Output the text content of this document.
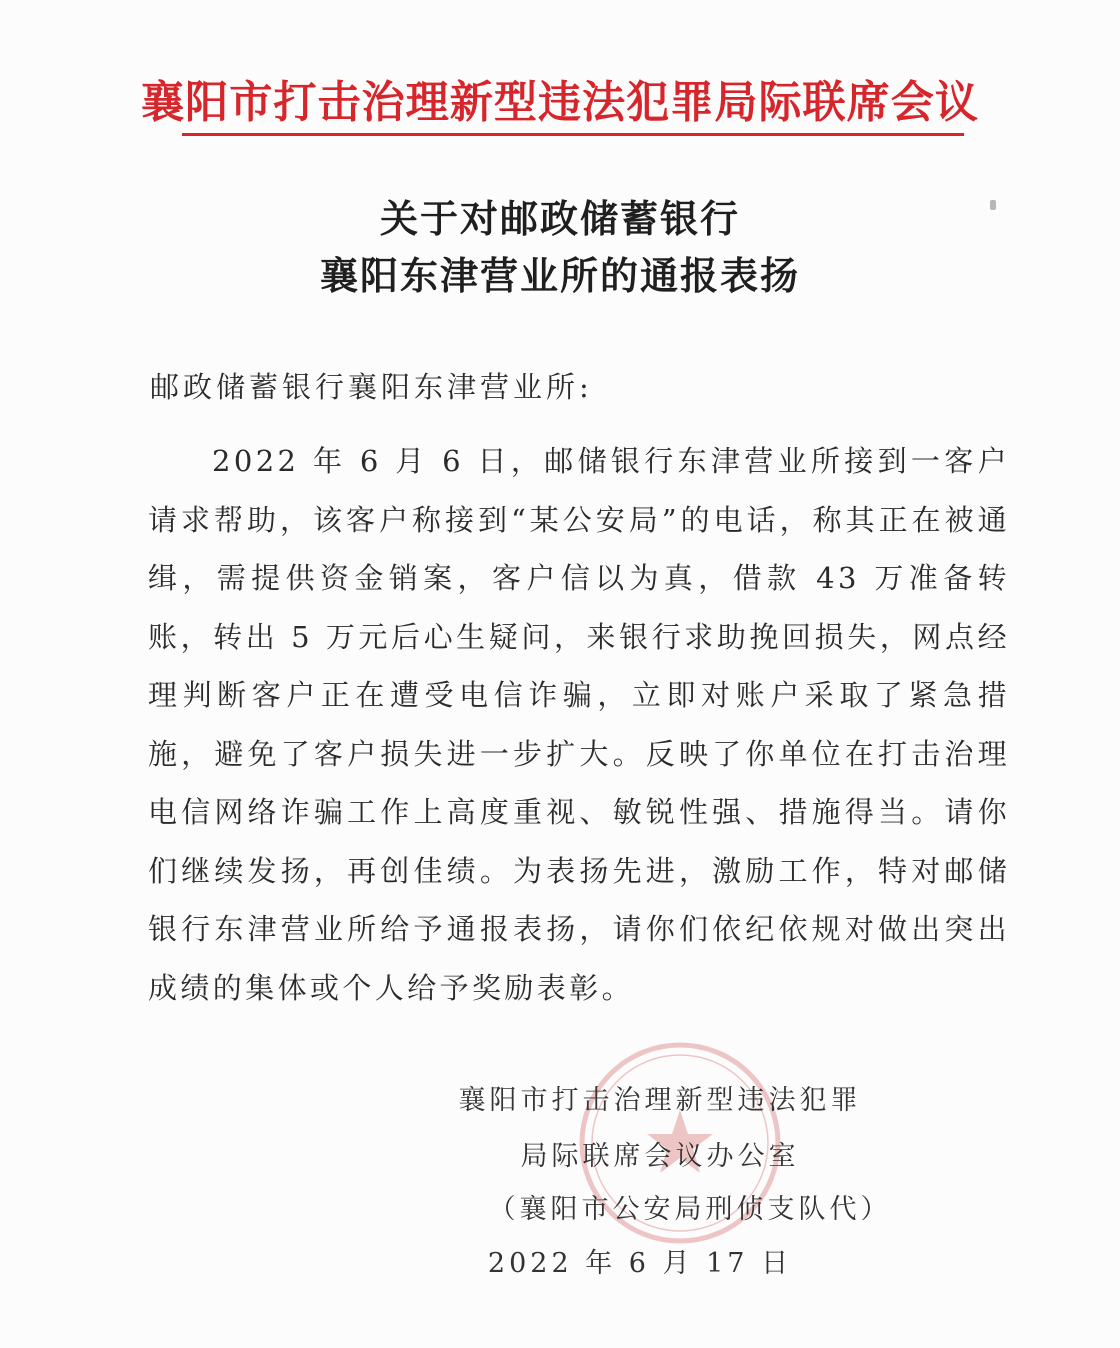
襄阳市打击治理新型违法犯罪局际联席会议
关于对邮政储蓄银行
襄阳东津营业所的通报表扬
邮政储蓄银行襄阳东津营业所:

2022 年 6 月 6 日，邮储银行东津营业所接到一客户请求帮助，该客户称接到“某公安局”的电话，称其正在被通缉，需提供资金销案，客户信以为真，借款 43 万准备转账，转出 5 万元后心生疑问，来银行求助挽回损失，网点经理判断客户正在遭受电信诈骗，立即对账户采取了紧急措施，避免了客户损失进一步扩大。反映了你单位在打击治理电信网络诈骗工作上高度重视、敏锐性强、措施得当。请你们继续发扬，再创佳绩。为表扬先进，激励工作，特对邮储银行东津营业所给予通报表扬，请你们依纪依规对做出突出成绩的集体或个人给予奖励表彰。

襄阳市打击治理新型违法犯罪
局际联席会议办公室
（襄阳市公安局刑侦支队代）
2022 年 6 月 17 日
